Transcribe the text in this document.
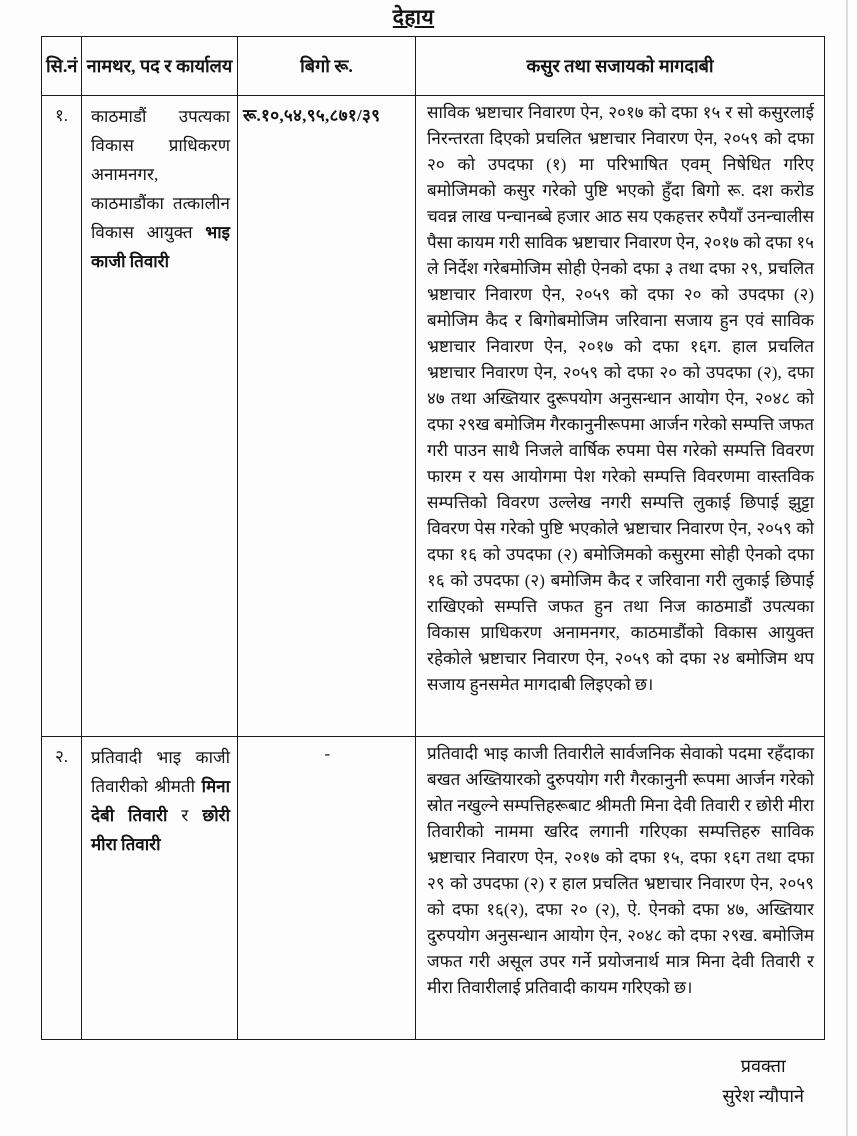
देहाय
सि.नं	नामथर, पद र कार्यालय	बिगो रू.	कसुर तथा सजायको मागदाबी
१.	काठमाडौं उपत्यका विकास प्राधिकरण अनामनगर, काठमाडौंका तत्कालीन विकास आयुक्त भाइ काजी तिवारी	रू.१०,५४,९५,८७१/३९	साविक भ्रष्टाचार निवारण ऐन, २०१७ को दफा १५ र सो कसुरलाई निरन्तरता दिएको प्रचलित भ्रष्टाचार निवारण ऐन, २०५९ को दफा २० को उपदफा (१) मा परिभाषित एवम् निषेधित गरिए बमोजिमको कसुर गरेको पुष्टि भएको हुँदा बिगो रू. दश करोड चवन्न लाख पन्चानब्बे हजार आठ सय एकहत्तर रुपैयाँ उनन्चालीस पैसा कायम गरी साविक भ्रष्टाचार निवारण ऐन, २०१७ को दफा १५ ले निर्देश गरेबमोजिम सोही ऐनको दफा ३ तथा दफा २९, प्रचलित भ्रष्टाचार निवारण ऐन, २०५९ को दफा २० को उपदफा (२) बमोजिम कैद र बिगोबमोजिम जरिवाना सजाय हुन एवं साविक भ्रष्टाचार निवारण ऐन, २०१७ को दफा १६ग. हाल प्रचलित भ्रष्टाचार निवारण ऐन, २०५९ को दफा २० को उपदफा (२), दफा ४७ तथा अख्तियार दुरूपयोग अनुसन्धान आयोग ऐन, २०४८ को दफा २९ख बमोजिम गैरकानुनीरूपमा आर्जन गरेको सम्पत्ति जफत गरी पाउन साथै निजले वार्षिक रुपमा पेस गरेको सम्पत्ति विवरण फारम र यस आयोगमा पेश गरेको सम्पत्ति विवरणमा वास्तविक सम्पत्तिको विवरण उल्लेख नगरी सम्पत्ति लुकाई छिपाई झुट्टा विवरण पेस गरेको पुष्टि भएकोले भ्रष्टाचार निवारण ऐन, २०५९ को दफा १६ को उपदफा (२) बमोजिमको कसुरमा सोही ऐनको दफा १६ को उपदफा (२) बमोजिम कैद र जरिवाना गरी लुकाई छिपाई राखिएको सम्पत्ति जफत हुन तथा निज काठमाडौं उपत्यका विकास प्राधिकरण अनामनगर, काठमाडौंको विकास आयुक्त रहेकोले भ्रष्टाचार निवारण ऐन, २०५९ को दफा २४ बमोजिम थप सजाय हुनसमेत मागदाबी लिइएको छ।
२.	प्रतिवादी भाइ काजी तिवारीको श्रीमती मिना देबी तिवारी र छोरी मीरा तिवारी	-	प्रतिवादी भाइ काजी तिवारीले सार्वजनिक सेवाको पदमा रहँदाका बखत अख्तियारको दुरुपयोग गरी गैरकानुनी रूपमा आर्जन गरेको स्रोत नखुल्ने सम्पत्तिहरूबाट श्रीमती मिना देवी तिवारी र छोरी मीरा तिवारीको नाममा खरिद लगानी गरिएका सम्पत्तिहरु साविक भ्रष्टाचार निवारण ऐन, २०१७ को दफा १५, दफा १६ग तथा दफा २९ को उपदफा (२) र हाल प्रचलित भ्रष्टाचार निवारण ऐन, २०५९ को दफा १६(२), दफा २० (२), ऐ. ऐनको दफा ४७, अख्तियार दुरुपयोग अनुसन्धान आयोग ऐन, २०४८ को दफा २९ख. बमोजिम जफत गरी असूल उपर गर्ने प्रयोजनार्थ मात्र मिना देवी तिवारी र मीरा तिवारीलाई प्रतिवादी कायम गरिएको छ।
प्रवक्ता
सुरेश न्यौपाने
